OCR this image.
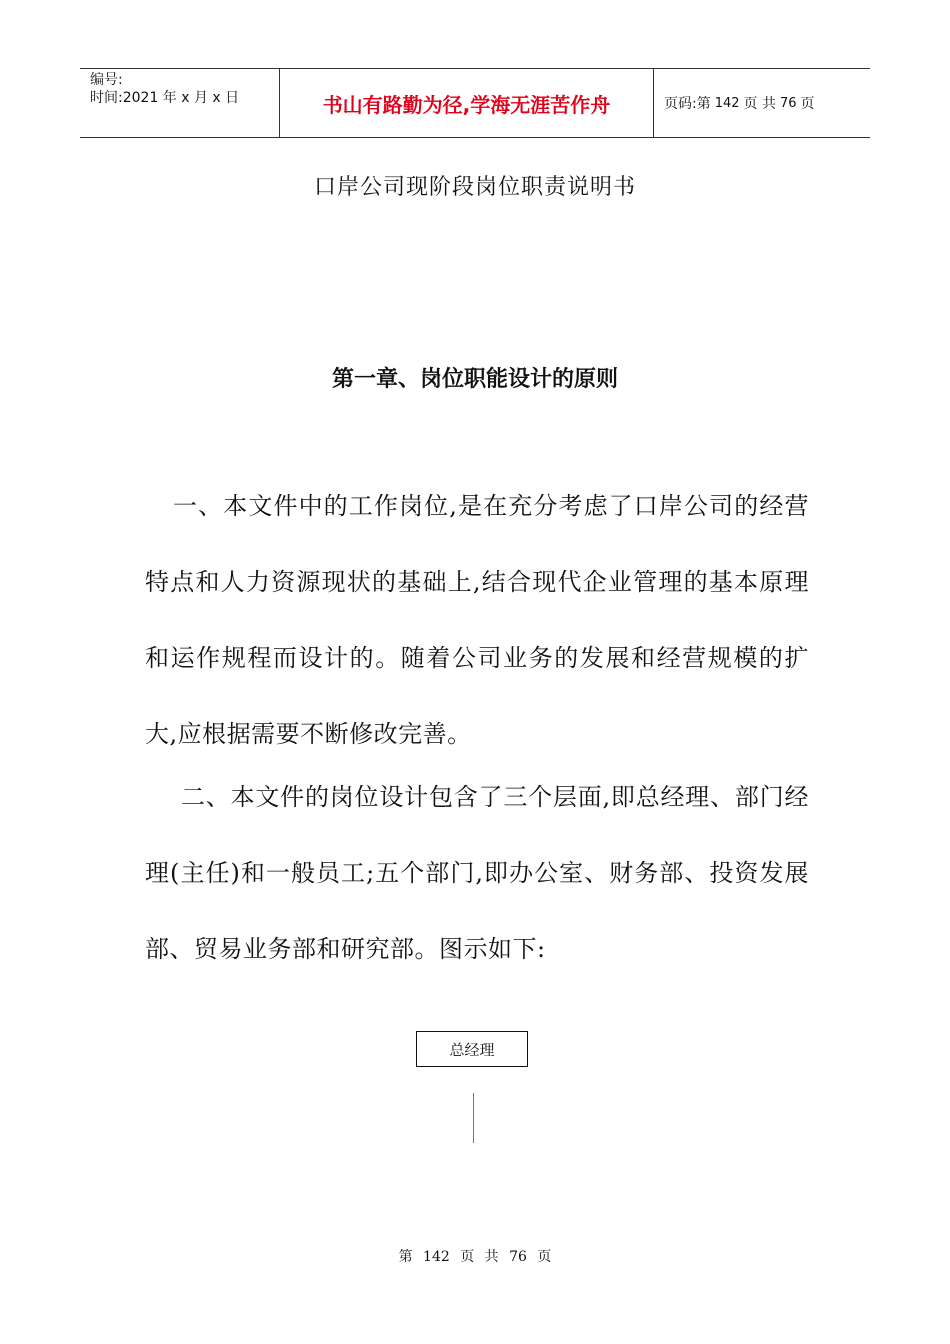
编号:
时间:2021 年 x 月 x 日	书山有路勤为径,学海无涯苦作舟	页码:第 142 页 共 76 页
口岸公司现阶段岗位职责说明书
第一章、岗位职能设计的原则

一、本文件中的工作岗位,是在充分考虑了口岸公司的经营特点和人力资源现状的基础上,结合现代企业管理的基本原理和运作规程而设计的。随着公司业务的发展和经营规模的扩大,应根据需要不断修改完善。

二、本文件的岗位设计包含了三个层面,即总经理、部门经理(主任)和一般员工;五个部门,即办公室、财务部、投资发展部、贸易业务部和研究部。图示如下:

总经理
第 142 页 共 76 页
